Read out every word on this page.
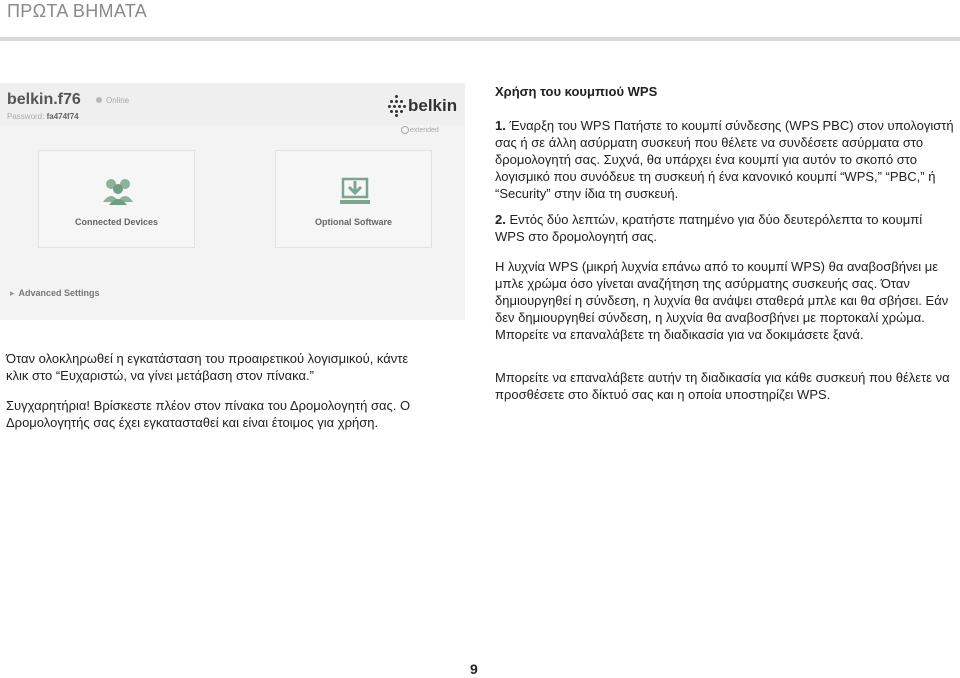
ΠΡΩΤΑ ΒΗΜΑΤΑ
belkin.f76	Online
Password: fa474f74
belkin
extended
Connected Devices	Optional Software
▸ Advanced Settings

Όταν ολοκληρωθεί η εγκατάσταση του προαιρετικού λογισμικού, κάντε κλικ στο “Ευχαριστώ, να γίνει μετάβαση στον πίνακα.”

Συγχαρητήρια! Βρίσκεστε πλέον στον πίνακα του Δρομολογητή σας. Ο Δρομολογητής σας έχει εγκατασταθεί και είναι έτοιμος για χρήση.

Χρήση του κουμπιού WPS

1. Έναρξη του WPS Πατήστε το κουμπί σύνδεσης (WPS PBC) στον υπολογιστή σας ή σε άλλη ασύρματη συσκευή που θέλετε να συνδέσετε ασύρματα στο δρομολογητή σας. Συχνά, θα υπάρχει ένα κουμπί για αυτόν το σκοπό στο λογισμικό που συνόδευε τη συσκευή ή ένα κανονικό κουμπί “WPS,” “PBC,” ή “Security” στην ίδια τη συσκευή.

2. Εντός δύο λεπτών, κρατήστε πατημένο για δύο δευτερόλεπτα το κουμπί WPS στο δρομολογητή σας.

Η λυχνία WPS (μικρή λυχνία επάνω από το κουμπί WPS) θα αναβοσβήνει με μπλε χρώμα όσο γίνεται αναζήτηση της ασύρματης συσκευής σας. Όταν δημιουργηθεί η σύνδεση, η λυχνία θα ανάψει σταθερά μπλε και θα σβήσει. Εάν δεν δημιουργηθεί σύνδεση, η λυχνία θα αναβοσβήνει με πορτοκαλί χρώμα. Μπορείτε να επαναλάβετε τη διαδικασία για να δοκιμάσετε ξανά.

Μπορείτε να επαναλάβετε αυτήν τη διαδικασία για κάθε συσκευή που θέλετε να προσθέσετε στο δίκτυό σας και η οποία υποστηρίζει WPS.

9
